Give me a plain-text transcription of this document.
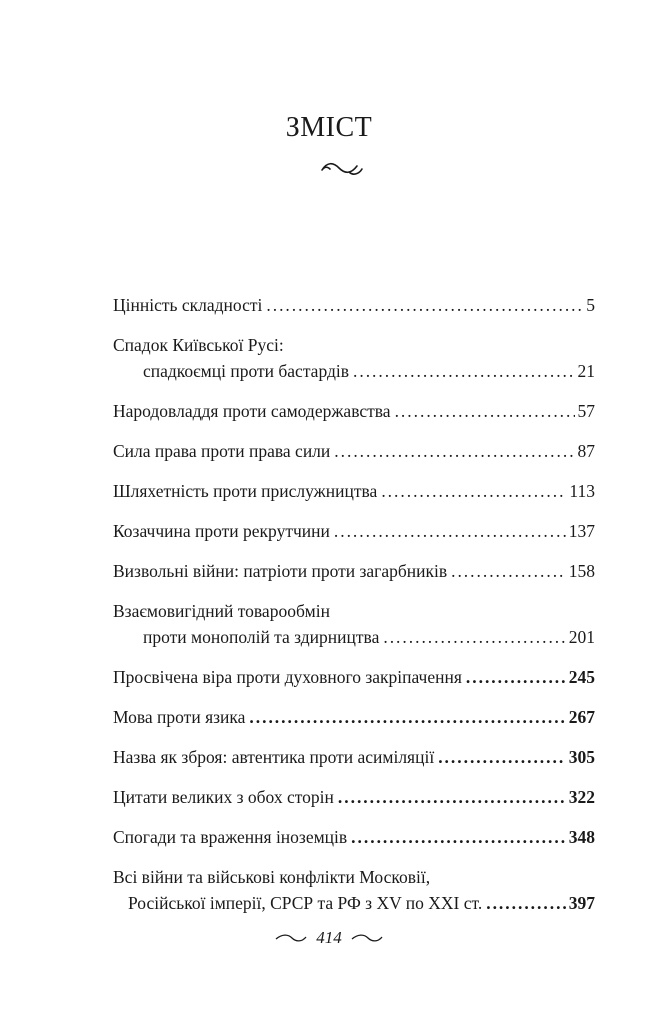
ЗМІСТ
Цінність складності . . .	5
Спадок Київської Русі:
спадкоємці проти бастардів . . .	21
Народовладдя проти самодержавства . . .	57
Сила права проти права сили . . .	87
Шляхетність проти прислужництва . . .	113
Козаччина проти рекрутчини . . .	137
Визвольні війни: патріоти проти загарбників . . .	158
Взаємовигідний товарообмін
проти монополій та здирництва . . .	201
Просвічена віра проти духовного закріпачення . . .	245
Мова проти язика . . .	267
Назва як зброя: автентика проти асиміляції . . .	305
Цитати великих з обох сторін . . .	322
Спогади та враження іноземців . . .	348
Всі війни та військові конфлікти Московії,
Російської імперії, СРСР та РФ з XV по XXI ст. . . .	397
414
